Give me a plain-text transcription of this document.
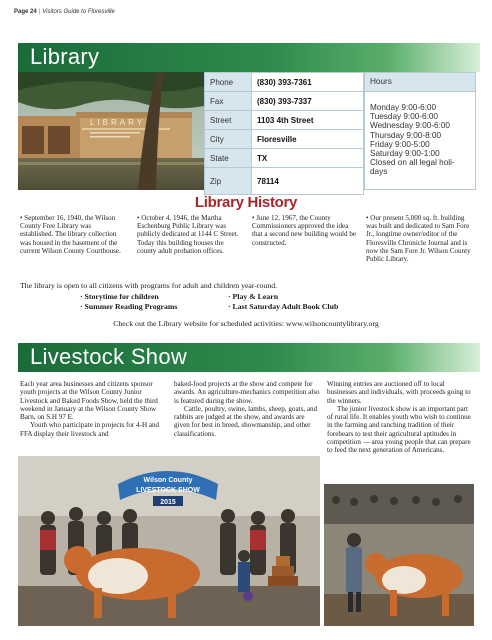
Page 24 | Visitors Guide to Floresville
Library
LIBRARY
Phone	(830) 393-7361
Fax	(830) 393-7337
Street	1103 4th Street
City	Floresville
State	TX
Zip	78114
Hours
Monday 9:00-6:00
Tuesday 9:00-6:00
Wednesday 9:00-6:00
Thursday 9:00-8:00
Friday 9:00-5:00
Saturday 9:00-1:00
Closed on all legal holi-
days
Library History
• September 16, 1940, the Wilson County Free Library was established. The library collection was housed in the basement of the current Wilson County Courthouse.
• October 4, 1946, the Martha Eschenburg Public Library was publicly dedicated at 1144 C Street. Today this building houses the county adult probation offices.
• June 12, 1967, the County Commissioners approved the idea that a second new building would be constructed.
• Our present 5,000 sq. ft. building was built and dedicated to Sam Fore Jr., longtime owner/editor of the Floresville Chronicle Journal and is now the Sam Fore Jr. Wilson County Public Library.
The library is open to all citizens with programs for adult and children year-round.
· Storytime for children
· Summer Reading Programs
· Play & Learn
· Last Saturday Adult Book Club
Check out the Library website for scheduled activities: www.wilsoncountylibrary.org
Livestock Show

Each year area businesses and citizens sponsor youth projects at the Wilson County Junior Livestock and Baked Foods Show, held the third weekend in January at the Wilson County Show Barn, on S.H 97 E.

Youth who participate in projects for 4-H and FFA display their livestock and

baked-food projects at the show and compete for awards. An agriculture-mechanics competition also is featured during the show.

Cattle, poultry, swine, lambs, sheep, goats, and rabbits are judged at the show, and awards are given for best in breed, showmanship, and other classifications.

Winning entries are auctioned off to local businesses and individuals, with proceeds going to the winners.

The junior livestock show is an important part of rural life. It enables youth who wish to continue in the farming and ranching tradition of their forebears to test their agricultural aptitudes in competition — area young people that can prepare to feed the next generation of Americans.

Wilson County
LIVESTOCK SHOW
2015
